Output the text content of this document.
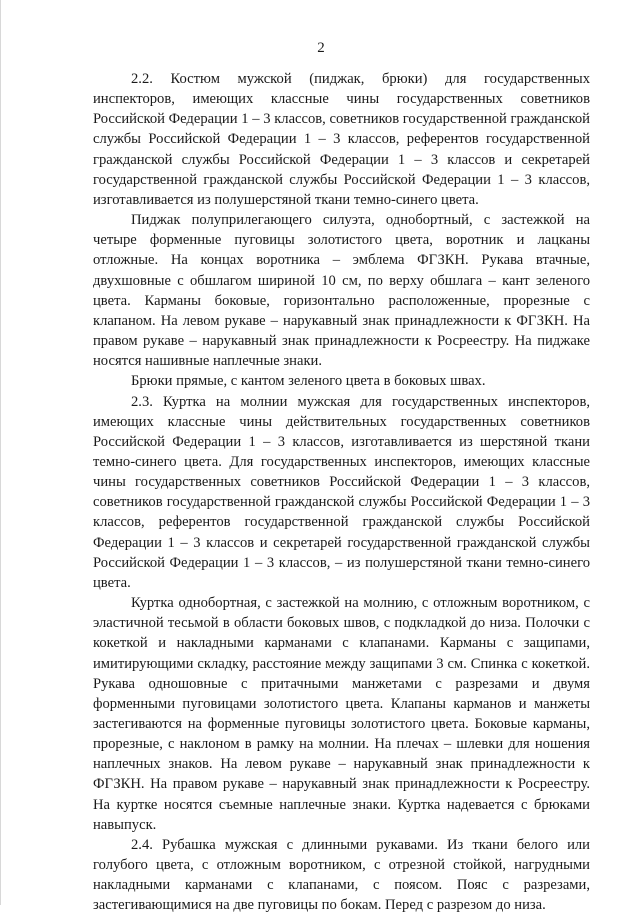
2

2.2. Костюм мужской (пиджак, брюки) для государственных инспекторов, имеющих классные чины государственных советников Российской Федерации 1 – 3 классов, советников государственной гражданской службы Российской Федерации 1 – 3 классов, референтов государственной гражданской службы Российской Федерации 1 – 3 классов и секретарей государственной гражданской службы Российской Федерации 1 – 3 классов, изготавливается из полушерстяной ткани темно-синего цвета.

Пиджак полуприлегающего силуэта, однобортный, с застежкой на четыре форменные пуговицы золотистого цвета, воротник и лацканы отложные. На концах воротника – эмблема ФГЗКН. Рукава втачные, двухшовные с обшлагом шириной 10 см, по верху обшлага – кант зеленого цвета. Карманы боковые, горизонтально расположенные, прорезные с клапаном. На левом рукаве – нарукавный знак принадлежности к ФГЗКН. На правом рукаве – нарукавный знак принадлежности к Росреестру. На пиджаке носятся нашивные наплечные знаки.

Брюки прямые, с кантом зеленого цвета в боковых швах.

2.3. Куртка на молнии мужская для государственных инспекторов, имеющих классные чины действительных государственных советников Российской Федерации 1 – 3 классов, изготавливается из шерстяной ткани темно-синего цвета. Для государственных инспекторов, имеющих классные чины государственных советников Российской Федерации 1 – 3 классов, советников государственной гражданской службы Российской Федерации 1 – 3 классов, референтов государственной гражданской службы Российской Федерации 1 – 3 классов и секретарей государственной гражданской службы Российской Федерации 1 – 3 классов, – из полушерстяной ткани темно-синего цвета.

Куртка однобортная, с застежкой на молнию, с отложным воротником, с эластичной тесьмой в области боковых швов, с подкладкой до низа. Полочки с кокеткой и накладными карманами с клапанами. Карманы с защипами, имитирующими складку, расстояние между защипами 3 см. Спинка с кокеткой. Рукава одношовные с притачными манжетами с разрезами и двумя форменными пуговицами золотистого цвета. Клапаны карманов и манжеты застегиваются на форменные пуговицы золотистого цвета. Боковые карманы, прорезные, с наклоном в рамку на молнии. На плечах – шлевки для ношения наплечных знаков. На левом рукаве – нарукавный знак принадлежности к ФГЗКН. На правом рукаве – нарукавный знак принадлежности к Росреестру. На куртке носятся съемные наплечные знаки. Куртка надевается с брюками навыпуск.

2.4. Рубашка мужская с длинными рукавами. Из ткани белого или голубого цвета, с отложным воротником, с отрезной стойкой, нагрудными накладными карманами с клапанами, с поясом. Пояс с разрезами, застегивающимися на две пуговицы по бокам. Перед с разрезом до низа.
